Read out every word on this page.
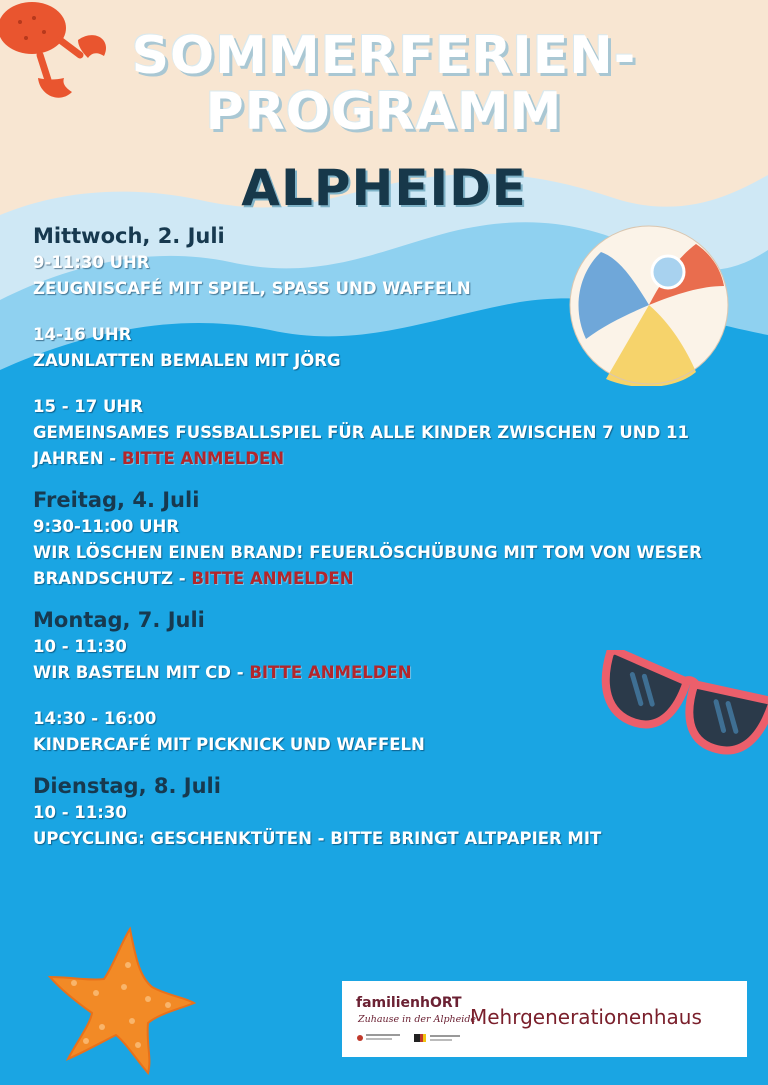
SOMMERFERIEN-
PROGRAMM
ALPHEIDE
Mittwoch, 2. Juli
9-11:30 UHR
ZEUGNISCAFÉ MIT SPIEL, SPASS UND WAFFELN
14-16 UHR
ZAUNLATTEN BEMALEN MIT JÖRG
15 - 17 UHR
GEMEINSAMES FUSSBALLSPIEL FÜR ALLE KINDER ZWISCHEN 7 UND 11 JAHREN - BITTE ANMELDEN
Freitag, 4. Juli
9:30-11:00 UHR
WIR LÖSCHEN EINEN BRAND! FEUERLÖSCHÜBUNG MIT TOM VON WESER BRANDSCHUTZ - BITTE ANMELDEN
Montag, 7. Juli
10 - 11:30
WIR BASTELN MIT CD - BITTE ANMELDEN
14:30 - 16:00
KINDERCAFÉ MIT PICKNICK UND WAFFELN
Dienstag, 8. Juli
10 - 11:30
UPCYCLING: GESCHENKTÜTEN - BITTE BRINGT ALTPAPIER MIT
familienhORT
Zuhause in der Alpheide
Mehrgenerationenhaus
